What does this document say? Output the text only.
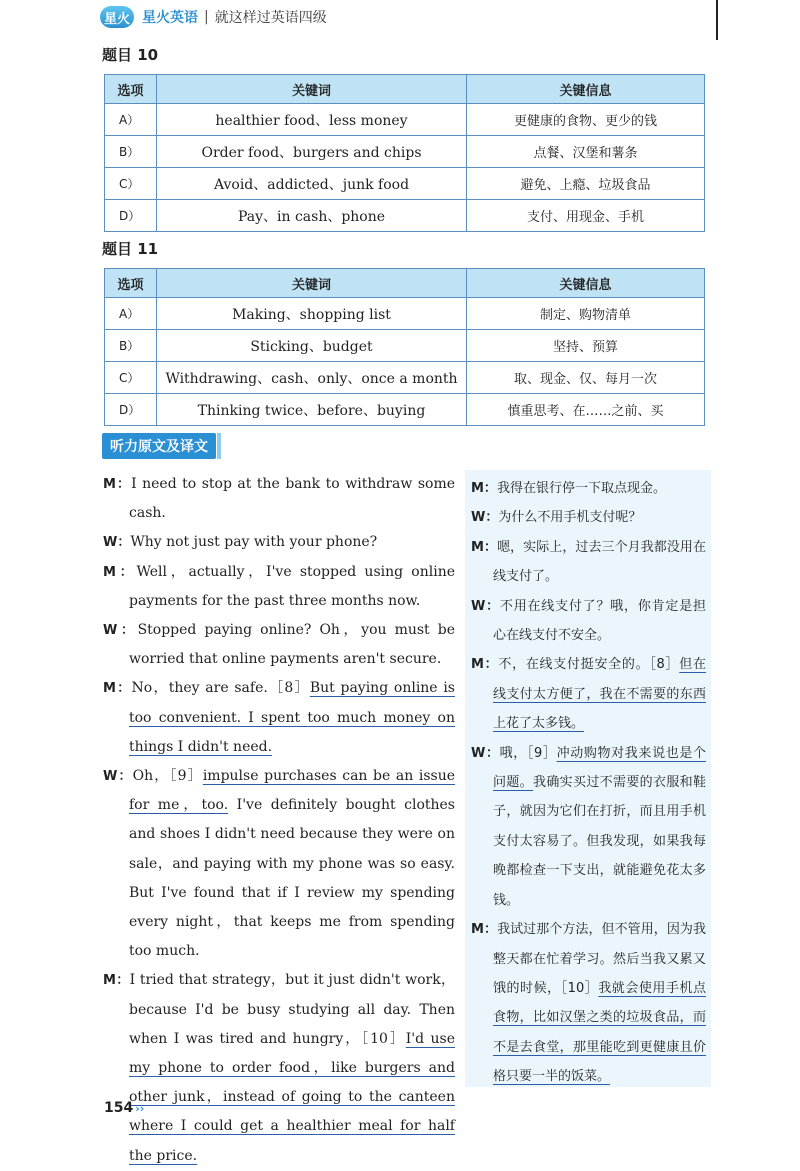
星火 星火英语 | 就这样过英语四级
题目 10
选项	关键词	关键信息
A）	healthier food、less money	更健康的食物、更少的钱
B）	Order food、burgers and chips	点餐、汉堡和薯条
C）	Avoid、addicted、junk food	避免、上瘾、垃圾食品
D）	Pay、in cash、phone	支付、用现金、手机
题目 11
选项	关键词	关键信息
A）	Making、shopping list	制定、购物清单
B）	Sticking、budget	坚持、预算
C）	Withdrawing、cash、only、once a month	取、现金、仅、每月一次
D）	Thinking twice、before、buying	慎重思考、在……之前、买
听力原文及译文

M：I need to stop at the bank to withdraw some cash.

W：Why not just pay with your phone?

M：Well，actually，I've stopped using online payments for the past three months now.

W：Stopped paying online? Oh，you must be worried that online payments aren't secure.

M：No，they are safe.［8］But paying online is too convenient. I spent too much money on things I didn't need.

W：Oh，［9］impulse purchases can be an issue for me，too. I've definitely bought clothes and shoes I didn't need because they were on sale，and paying with my phone was so easy. But I've found that if I review my spending every night，that keeps me from spending too much.

M：I tried that strategy，but it just didn't work，because I'd be busy studying all day. Then when I was tired and hungry，［10］I'd use my phone to order food，like burgers and other junk，instead of going to the canteen where I could get a healthier meal for half the price.

M：我得在银行停一下取点现金。

W：为什么不用手机支付呢？

M：嗯，实际上，过去三个月我都没用在线支付了。

W：不用在线支付了？哦，你肯定是担心在线支付不安全。

M：不，在线支付挺安全的。［8］但在线支付太方便了，我在不需要的东西上花了太多钱。

W：哦，［9］冲动购物对我来说也是个问题。我确实买过不需要的衣服和鞋子，就因为它们在打折，而且用手机支付太容易了。但我发现，如果我每晚都检查一下支出，就能避免花太多钱。

M：我试过那个方法，但不管用，因为我整天都在忙着学习。然后当我又累又饿的时候，［10］我就会使用手机点食物，比如汉堡之类的垃圾食品，而不是去食堂，那里能吃到更健康且价格只要一半的饭菜。

154 ››
